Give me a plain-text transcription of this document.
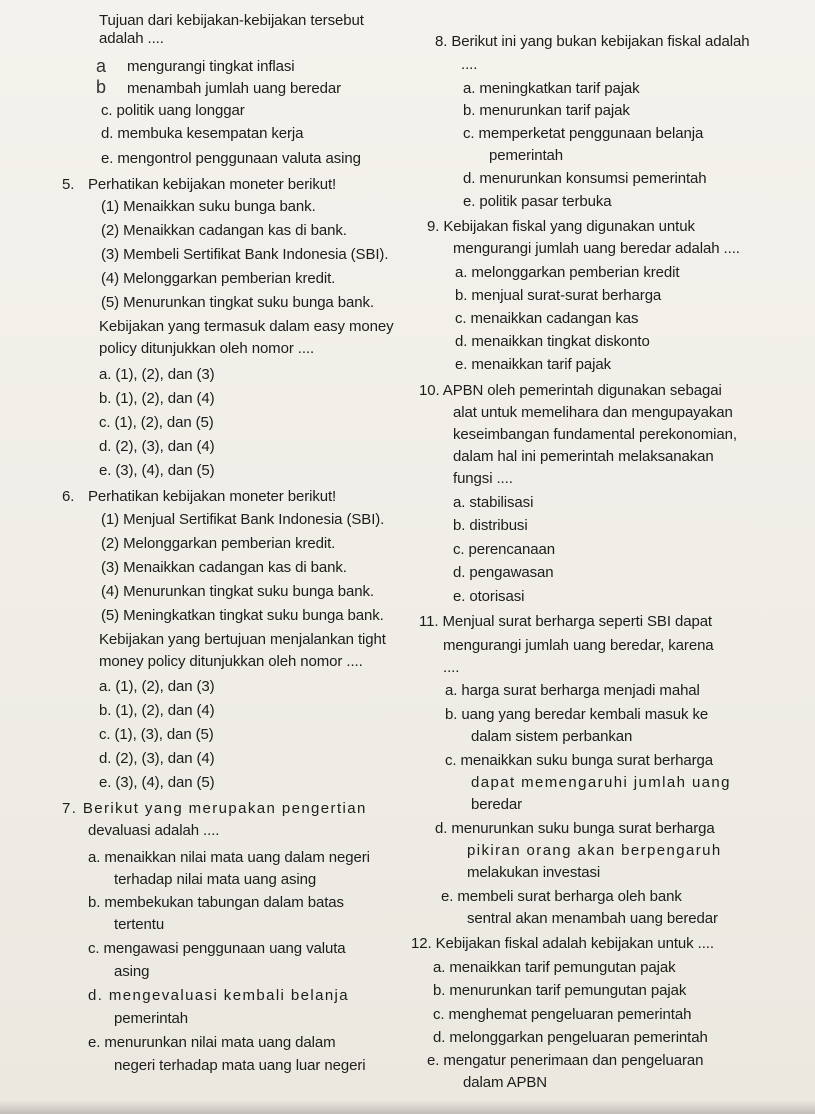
Tujuan dari kebijakan-kebijakan tersebut
adalah ....
a mengurangi tingkat inflasi
b menambah jumlah uang beredar
c. politik uang longgar
d. membuka kesempatan kerja
e. mengontrol penggunaan valuta asing
5. Perhatikan kebijakan moneter berikut!
(1) Menaikkan suku bunga bank.
(2) Menaikkan cadangan kas di bank.
(3) Membeli Sertifikat Bank Indonesia (SBI).
(4) Melonggarkan pemberian kredit.
(5) Menurunkan tingkat suku bunga bank.
Kebijakan yang termasuk dalam easy money
policy ditunjukkan oleh nomor ....
a. (1), (2), dan (3)
b. (1), (2), dan (4)
c. (1), (2), dan (5)
d. (2), (3), dan (4)
e. (3), (4), dan (5)
6. Perhatikan kebijakan moneter berikut!
(1) Menjual Sertifikat Bank Indonesia (SBI).
(2) Melonggarkan pemberian kredit.
(3) Menaikkan cadangan kas di bank.
(4) Menurunkan tingkat suku bunga bank.
(5) Meningkatkan tingkat suku bunga bank.
Kebijakan yang bertujuan menjalankan tight
money policy ditunjukkan oleh nomor ....
a. (1), (2), dan (3)
b. (1), (2), dan (4)
c. (1), (3), dan (5)
d. (2), (3), dan (4)
e. (3), (4), dan (5)
7. Berikut yang merupakan pengertian
devaluasi adalah ....
a. menaikkan nilai mata uang dalam negeri
terhadap nilai mata uang asing
b. membekukan tabungan dalam batas
tertentu
c. mengawasi penggunaan uang valuta
asing
d. mengevaluasi kembali belanja
pemerintah
e. menurunkan nilai mata uang dalam
negeri terhadap mata uang luar negeri
8. Berikut ini yang bukan kebijakan fiskal adalah
....
a. meningkatkan tarif pajak
b. menurunkan tarif pajak
c. memperketat penggunaan belanja
pemerintah
d. menurunkan konsumsi pemerintah
e. politik pasar terbuka
9. Kebijakan fiskal yang digunakan untuk
mengurangi jumlah uang beredar adalah ....
a. melonggarkan pemberian kredit
b. menjual surat-surat berharga
c. menaikkan cadangan kas
d. menaikkan tingkat diskonto
e. menaikkan tarif pajak
10. APBN oleh pemerintah digunakan sebagai
alat untuk memelihara dan mengupayakan
keseimbangan fundamental perekonomian,
dalam hal ini pemerintah melaksanakan
fungsi ....
a. stabilisasi
b. distribusi
c. perencanaan
d. pengawasan
e. otorisasi
11. Menjual surat berharga seperti SBI dapat
mengurangi jumlah uang beredar, karena
....
a. harga surat berharga menjadi mahal
b. uang yang beredar kembali masuk ke
dalam sistem perbankan
c. menaikkan suku bunga surat berharga
dapat memengaruhi jumlah uang
beredar
d. menurunkan suku bunga surat berharga
pikiran orang akan berpengaruh
melakukan investasi
e. membeli surat berharga oleh bank
sentral akan menambah uang beredar
12. Kebijakan fiskal adalah kebijakan untuk ....
a. menaikkan tarif pemungutan pajak
b. menurunkan tarif pemungutan pajak
c. menghemat pengeluaran pemerintah
d. melonggarkan pengeluaran pemerintah
e. mengatur penerimaan dan pengeluaran
dalam APBN
